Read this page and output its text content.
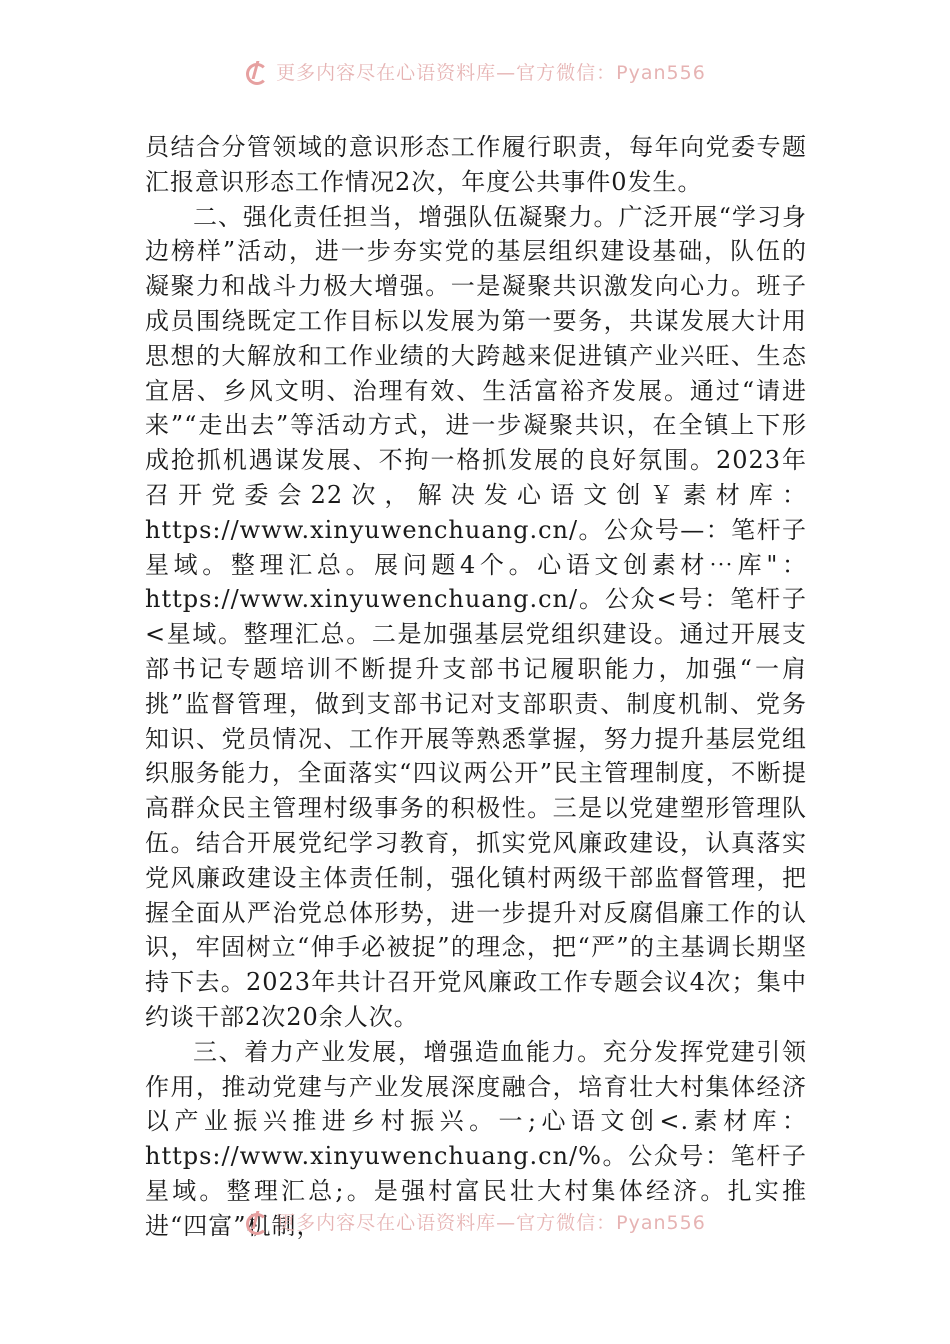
更多内容尽在心语资料库—官方微信：Pyan556

员结合分管领域的意识形态工作履行职责，每年向党委专题汇报意识形态工作情况2次，年度公共事件0发生。

二、强化责任担当，增强队伍凝聚力。广泛开展“学习身边榜样”活动，进一步夯实党的基层组织建设基础，队伍的凝聚力和战斗力极大增强。一是凝聚共识激发向心力。班子成员围绕既定工作目标以发展为第一要务，共谋发展大计用思想的大解放和工作业绩的大跨越来促进镇产业兴旺、生态宜居、乡风文明、治理有效、生活富裕齐发展。通过“请进来”“走出去”等活动方式，进一步凝聚共识，在全镇上下形成抢抓机遇谋发展、不拘一格抓发展的良好氛围。2023年召开党委会22次，解决发心语文创￥素材库：https://www.xinyuwenchuang.cn/。公众号—：笔杆子星域。整理汇总。展问题4个。心语文创素材⋯库"：https://www.xinyuwenchuang.cn/。公众<号：笔杆子<星域。整理汇总。二是加强基层党组织建设。通过开展支部书记专题培训不断提升支部书记履职能力，加强“一肩挑”监督管理，做到支部书记对支部职责、制度机制、党务知识、党员情况、工作开展等熟悉掌握，努力提升基层党组织服务能力，全面落实“四议两公开”民主管理制度，不断提高群众民主管理村级事务的积极性。三是以党建塑形管理队伍。结合开展党纪学习教育，抓实党风廉政建设，认真落实党风廉政建设主体责任制，强化镇村两级干部监督管理，把握全面从严治党总体形势，进一步提升对反腐倡廉工作的认识，牢固树立“伸手必被捉”的理念，把“严”的主基调长期坚持下去。2023年共计召开党风廉政工作专题会议4次；集中约谈干部2次20余人次。

三、着力产业发展，增强造血能力。充分发挥党建引领作用，推动党建与产业发展深度融合，培育壮大村集体经济以产业振兴推进乡村振兴。一;心语文创<.素材库：https://www.xinyuwenchuang.cn/%。公众号：笔杆子星域。整理汇总;。是强村富民壮大村集体经济。扎实推进“四富”机制，

更多内容尽在心语资料库—官方微信：Pyan556
